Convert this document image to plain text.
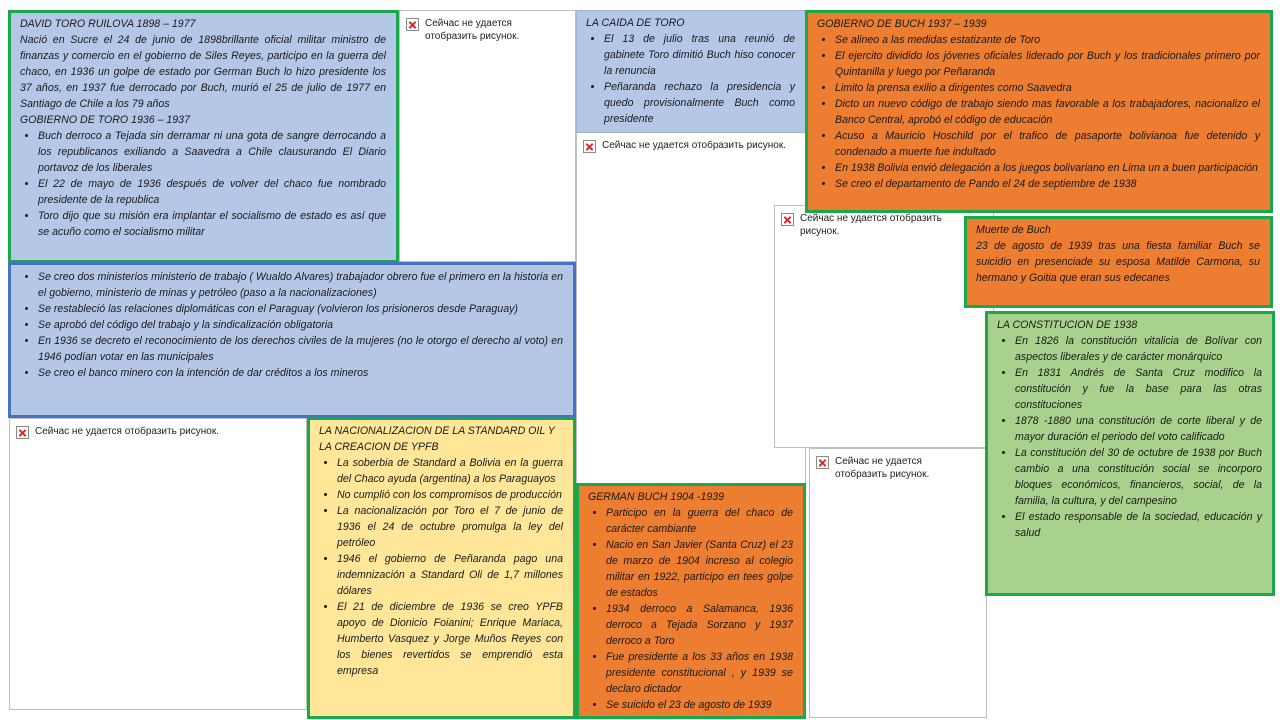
Сейчас не удается отобразить рисунок.
Сейчас не удается отобразить рисунок.
Сейчас не удается отобразить рисунок.
Сейчас не удается отобразить рисунок.
Сейчас не удается отобразить рисунок.
DAVID TORO RUILOVA 1898 – 1977

Nació en Sucre el 24 de junio de 1898brillante oficial militar ministro de finanzas y comercio en el gobierno de Siles Reyes, participo en la guerra del chaco, en 1936 un golpe de estado por German Buch lo hizo presidente los 37 años, en 1937 fue derrocado por Buch, murió el 25 de julio de 1977 en Santiago de Chile a los 79 años

GOBIERNO DE TORO 1936 – 1937
• Buch derroco a Tejada sin derramar ni una gota de sangre derrocando a los republicanos exiliando a Saavedra a Chile clausurando El Diario portavoz de los liberales
• El 22 de mayo de 1936 después de volver del chaco fue nombrado presidente de la republica
• Toro dijo que su misión era implantar el socialismo de estado es así que se acuño como el socialismo militar
• Se creo dos ministerios ministerio de trabajo ( Wualdo Alvares) trabajador obrero fue el primero en la historia en el gobierno, ministerio de minas y petróleo (paso a la nacionalizaciones)
• Se restableció las relaciones diplomáticas con el Paraguay (volvieron los prisioneros desde Paraguay)
• Se aprobó del código del trabajo y la sindicalización obligatoria
• En 1936 se decreto el reconocimiento de los derechos civiles de la mujeres (no le otorgo el derecho al voto) en 1946 podían votar en las municipales
• Se creo el banco minero con la intención de dar créditos a los mineros
LA CAIDA DE TORO
• El 13 de julio tras una reunió de gabinete Toro dimitió Buch hiso conocer la renuncia
• Peñaranda rechazo la presidencia y quedo provisionalmente Buch como presidente
LA NACIONALIZACION DE LA STANDARD OIL Y LA CREACION DE YPFB
• La soberbia de Standard a Bolivia en la guerra del Chaco ayuda (argentina) a los Paraguayos
• No cumplió con los compromisos de producción
• La nacionalización por Toro el 7 de junio de 1936 el 24 de octubre promulga la ley del petróleo
• 1946 el gobierno de Peñaranda pago una indemnización a Standard Oli de 1,7 millones dólares
• El 21 de diciembre de 1936 se creo YPFB apoyo de Dionicio Foianini; Enrique Mariaca, Humberto Vasquez y Jorge Muños Reyes con los bienes revertidos se emprendió esta empresa
GERMAN BUCH 1904 -1939
• Participo en la guerra del chaco de carácter cambiante
• Nacio en San Javier (Santa Cruz) el 23 de marzo de 1904 increso al colegio militar en 1922, participo en tees golpe de estados
• 1934 derroco a Salamanca, 1936 derroco a Tejada Sorzano y 1937 derroco a Toro
• Fue presidente a los 33 años en 1938 presidente constitucional , y 1939 se declaro dictador
• Se suicido el 23 de agosto de 1939
GOBIERNO DE BUCH 1937 – 1939
• Se alineo a las medidas estatizante de Toro
• El ejercito dividido los jóvenes oficiales liderado por Buch y los tradicionales primero por Quintanilla y luego por Peñaranda
• Limito la prensa exilio a dirigentes como Saavedra
• Dicto un nuevo código de trabajo siendo mas favorable a los trabajadores, nacionalizo el Banco Central, aprobó el código de educación
• Acuso a Mauricio Hoschild por el trafico de pasaporte bolivianoa fue detenido y condenado a muerte fue indultado
• En 1938 Bolivia envió delegación a los juegos bolivariano en Lima un a buen participación
• Se creo el departamento de Pando el 24 de septiembre de 1938
Muerte de Buch

23 de agosto de 1939 tras una fiesta familiar Buch se suicidio en presenciade su esposa Matilde Carmona, su hermano y Goitia que eran sus edecanes

LA CONSTITUCION DE 1938
• En 1826 la constitución vitalicia de Bolívar con aspectos liberales y de carácter monárquico
• En 1831 Andrés de Santa Cruz modifico la constitución y fue la base para las otras constituciones
• 1878 -1880 una constitución de corte liberal y de mayor duración el periodo del voto calificado
• La constitución del 30 de octubre de 1938 por Buch cambio a una constitución social se incorporo bloques económicos, financieros, social, de la familia, la cultura, y del campesino
• El estado responsable de la sociedad, educación y salud
